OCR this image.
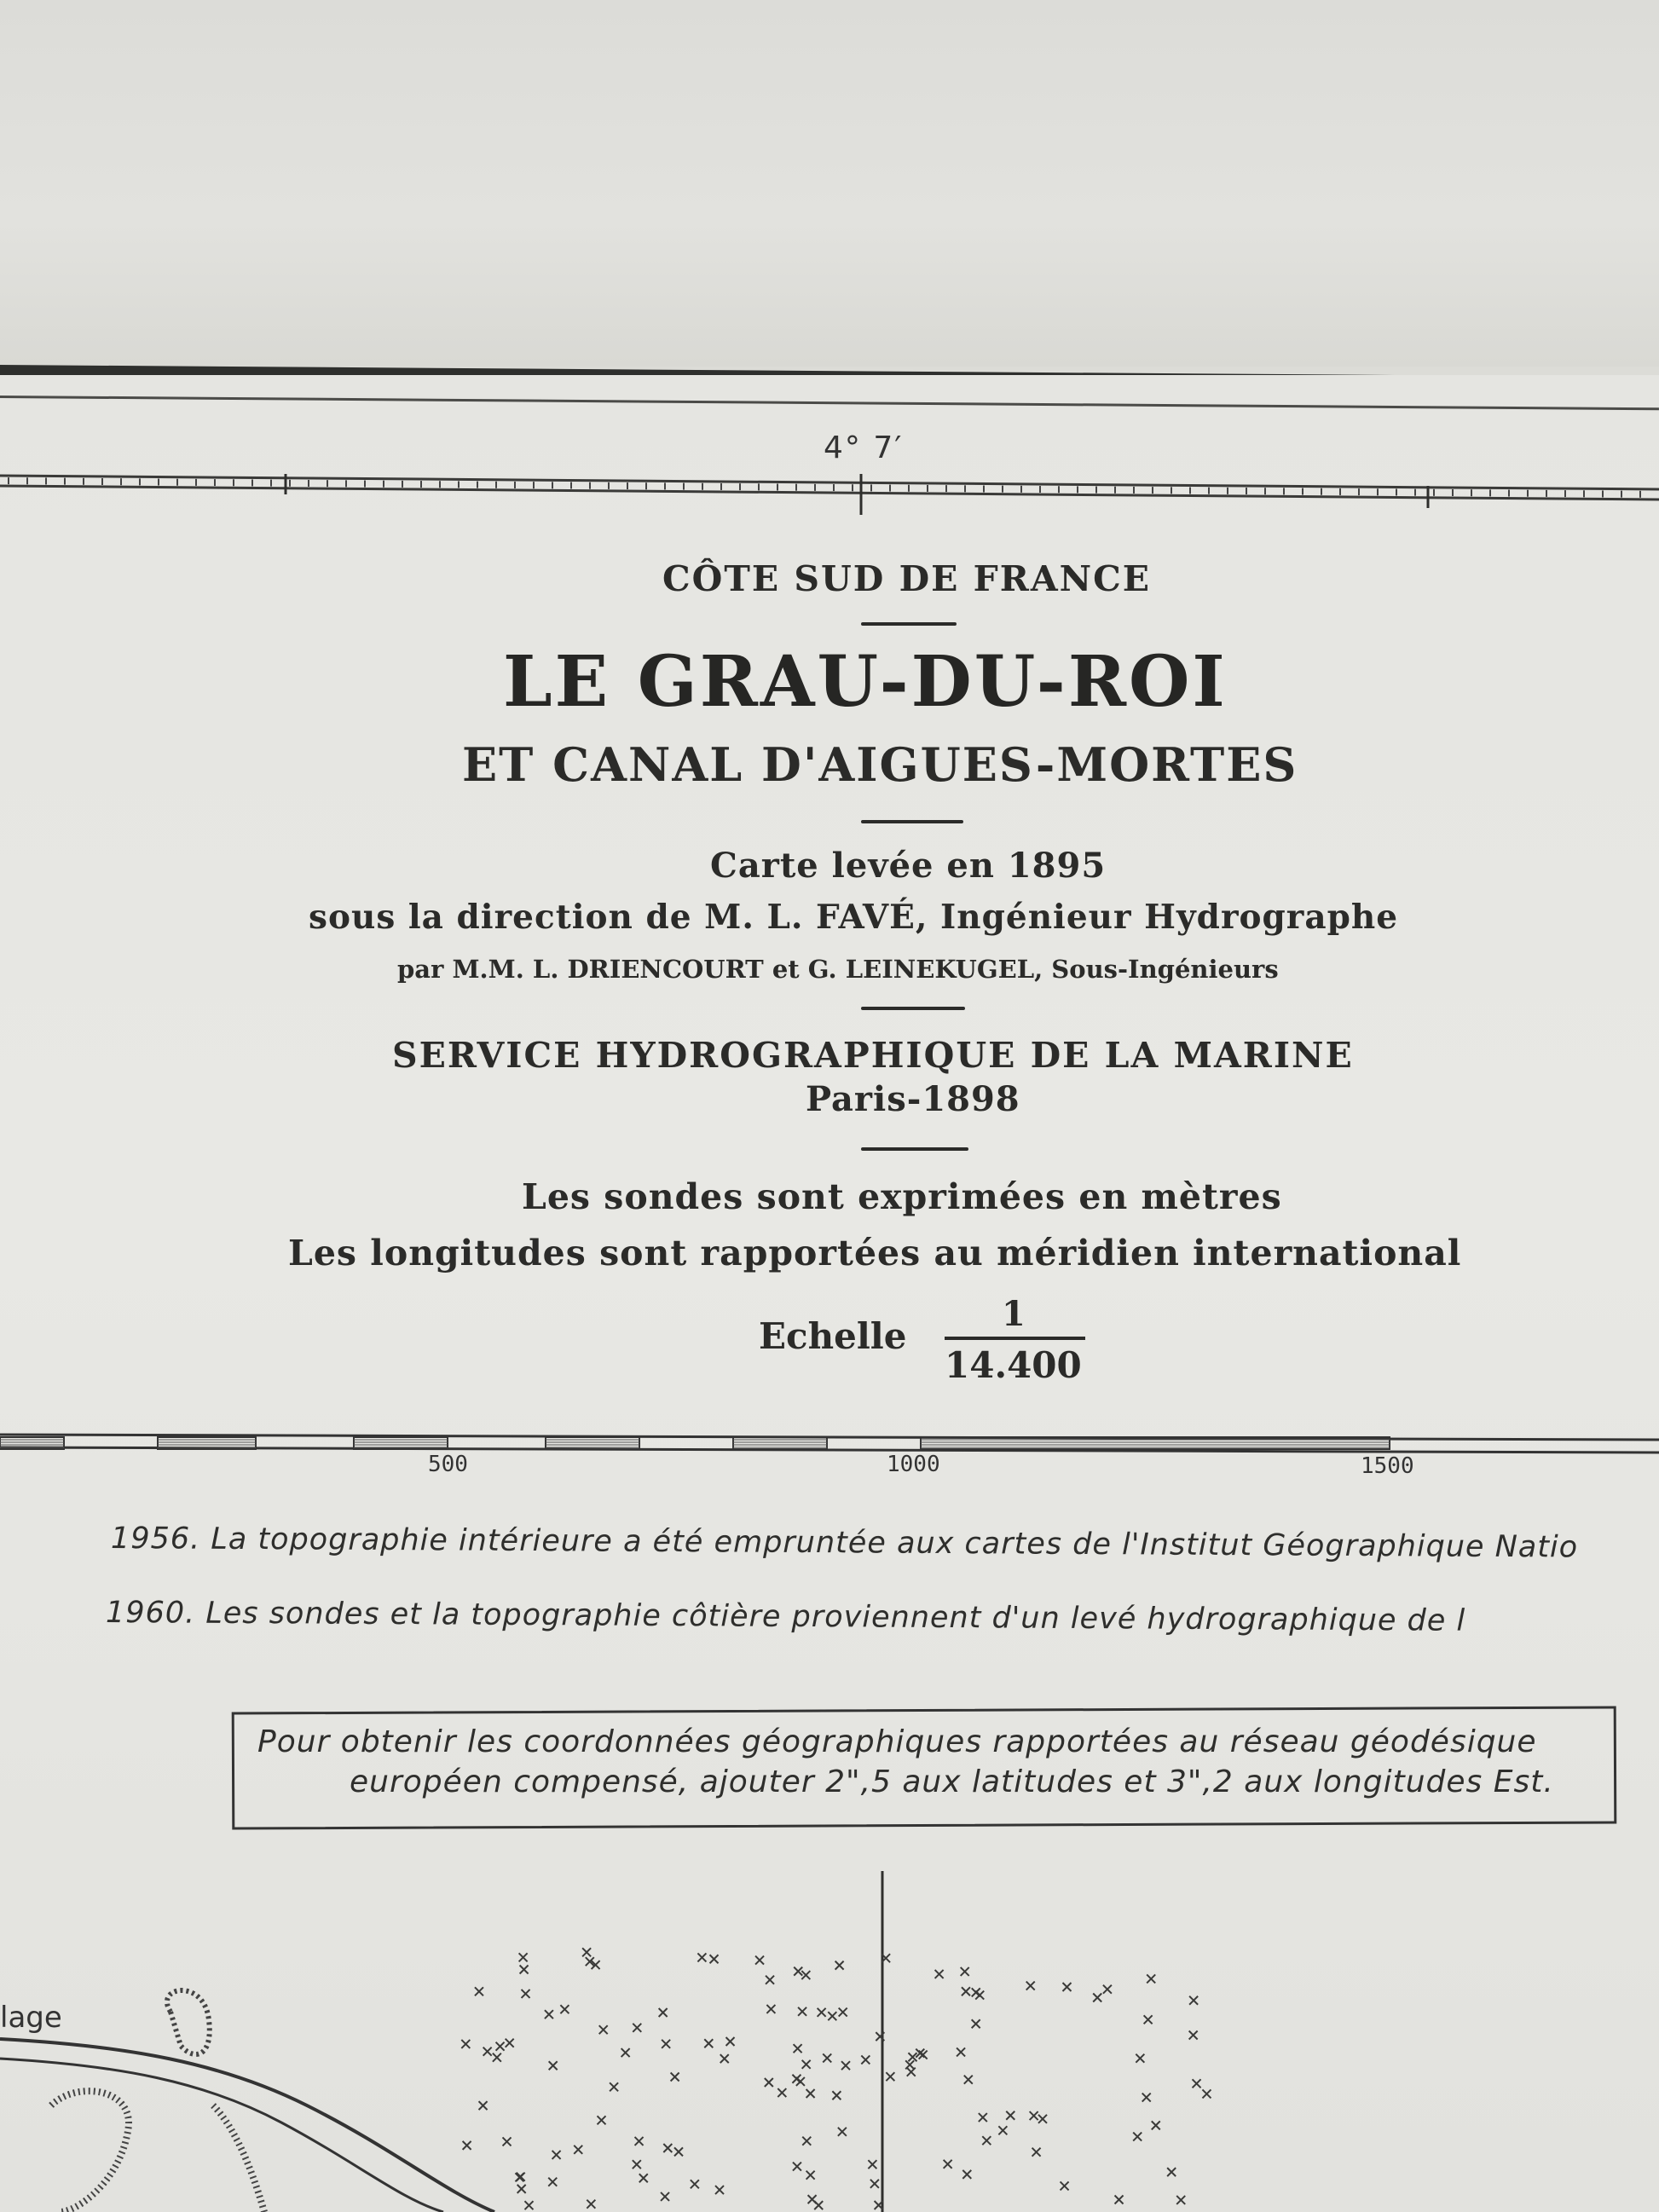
4° 7′
CÔTE SUD DE FRANCE
LE GRAU-DU-ROI
ET CANAL D'AIGUES-MORTES
Carte levée en 1895
sous la direction de M. L. FAVÉ, Ingénieur Hydrographe
par M.M. L. DRIENCOURT et G. LEINEKUGEL, Sous-Ingénieurs
SERVICE HYDROGRAPHIQUE DE LA MARINE
Paris-1898
Les sondes sont exprimées en mètres
Les longitudes sont rapportées au méridien international
Echelle
1
14.400
500	1000	1500
1956. La topographie intérieure a été empruntée aux cartes de l'Institut Géographique Natio
1960. Les sondes et la topographie côtière proviennent d'un levé hydrographique de l
Pour obtenir les coordonnées géographiques rapportées au réseau géodésique
européen compensé, ajouter 2",5 aux latitudes et 3",2 aux longitudes Est.
lage
